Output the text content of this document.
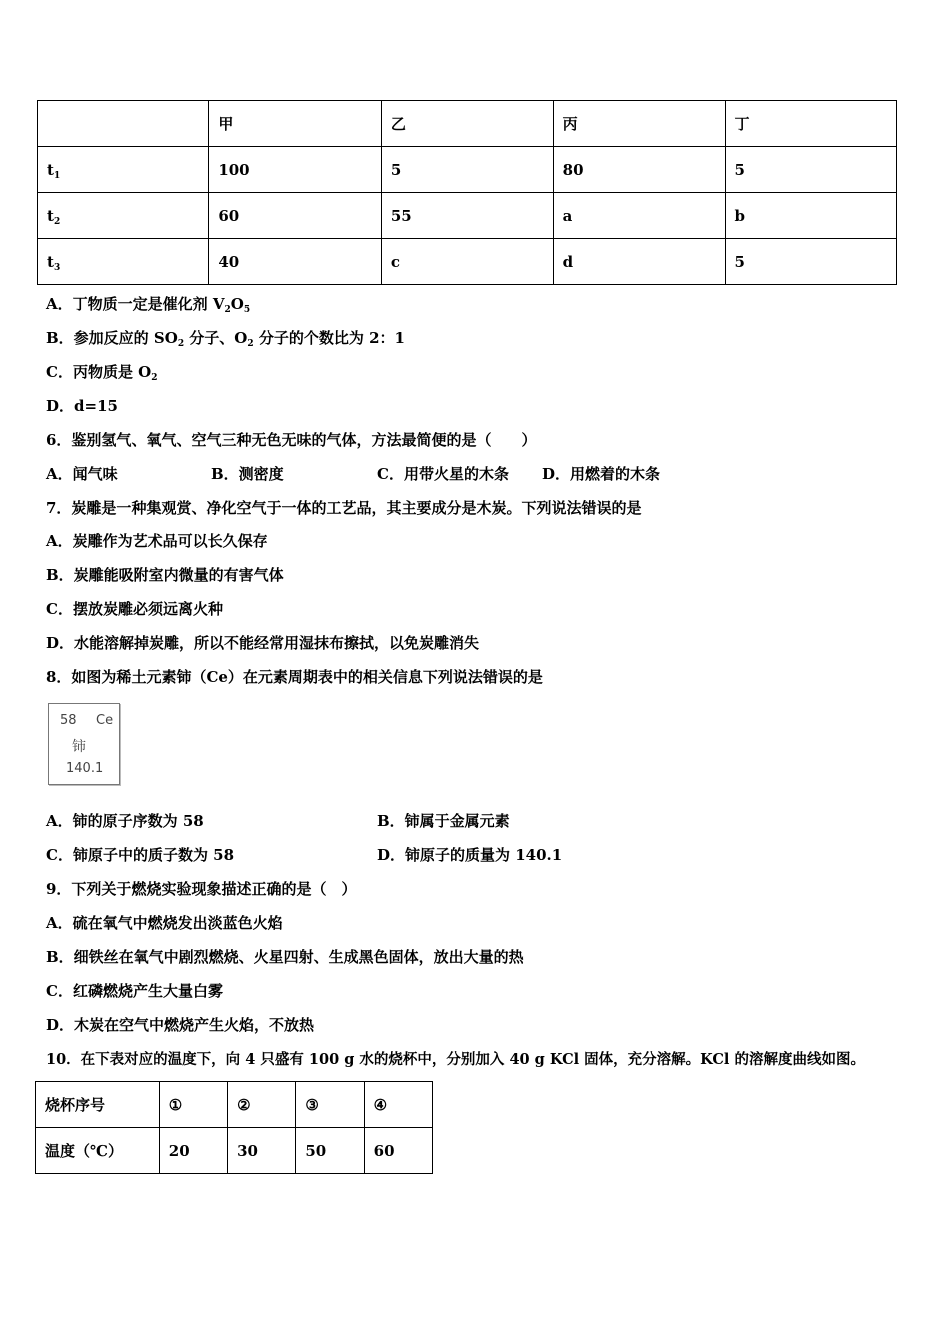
	甲	乙	丙	丁
$t_1$	100	5	80	5
$t_2$	60	55	a	b
$t_3$	40	c	d	5
A．丁物质一定是催化剂 $V_2O_5$
B．参加反应的 $SO_2$ 分子、$O_2$ 分子的个数比为 2：1
C．丙物质是 $O_2$
D．d=15
6．鉴别氢气、氧气、空气三种无色无味的气体，方法最简便的是（　　）
A．闻气味	B．测密度	C．用带火星的木条 D．用燃着的木条
7．炭雕是一种集观赏、净化空气于一体的工艺品，其主要成分是木炭。下列说法错误的是
A．炭雕作为艺术品可以长久保存
B．炭雕能吸附室内微量的有害气体
C．摆放炭雕必须远离火种
D．水能溶解掉炭雕，所以不能经常用湿抹布擦拭，以免炭雕消失
8．如图为稀土元素铈（Ce）在元素周期表中的相关信息下列说法错误的是
58 Ce
铈
140.1
A．铈的原子序数为 58	B．铈属于金属元素
C．铈原子中的质子数为 58	D．铈原子的质量为 140.1
9．下列关于燃烧实验现象描述正确的是（　）
A．硫在氧气中燃烧发出淡蓝色火焰
B．细铁丝在氧气中剧烈燃烧、火星四射、生成黑色固体，放出大量的热
C．红磷燃烧产生大量白雾
D．木炭在空气中燃烧产生火焰，不放热
10．在下表对应的温度下，向 4 只盛有 100 g 水的烧杯中，分别加入 40 g KCl 固体，充分溶解。KCl 的溶解度曲线如图。
烧杯序号	①	②	③	④
温度（℃）	20	30	50	60
